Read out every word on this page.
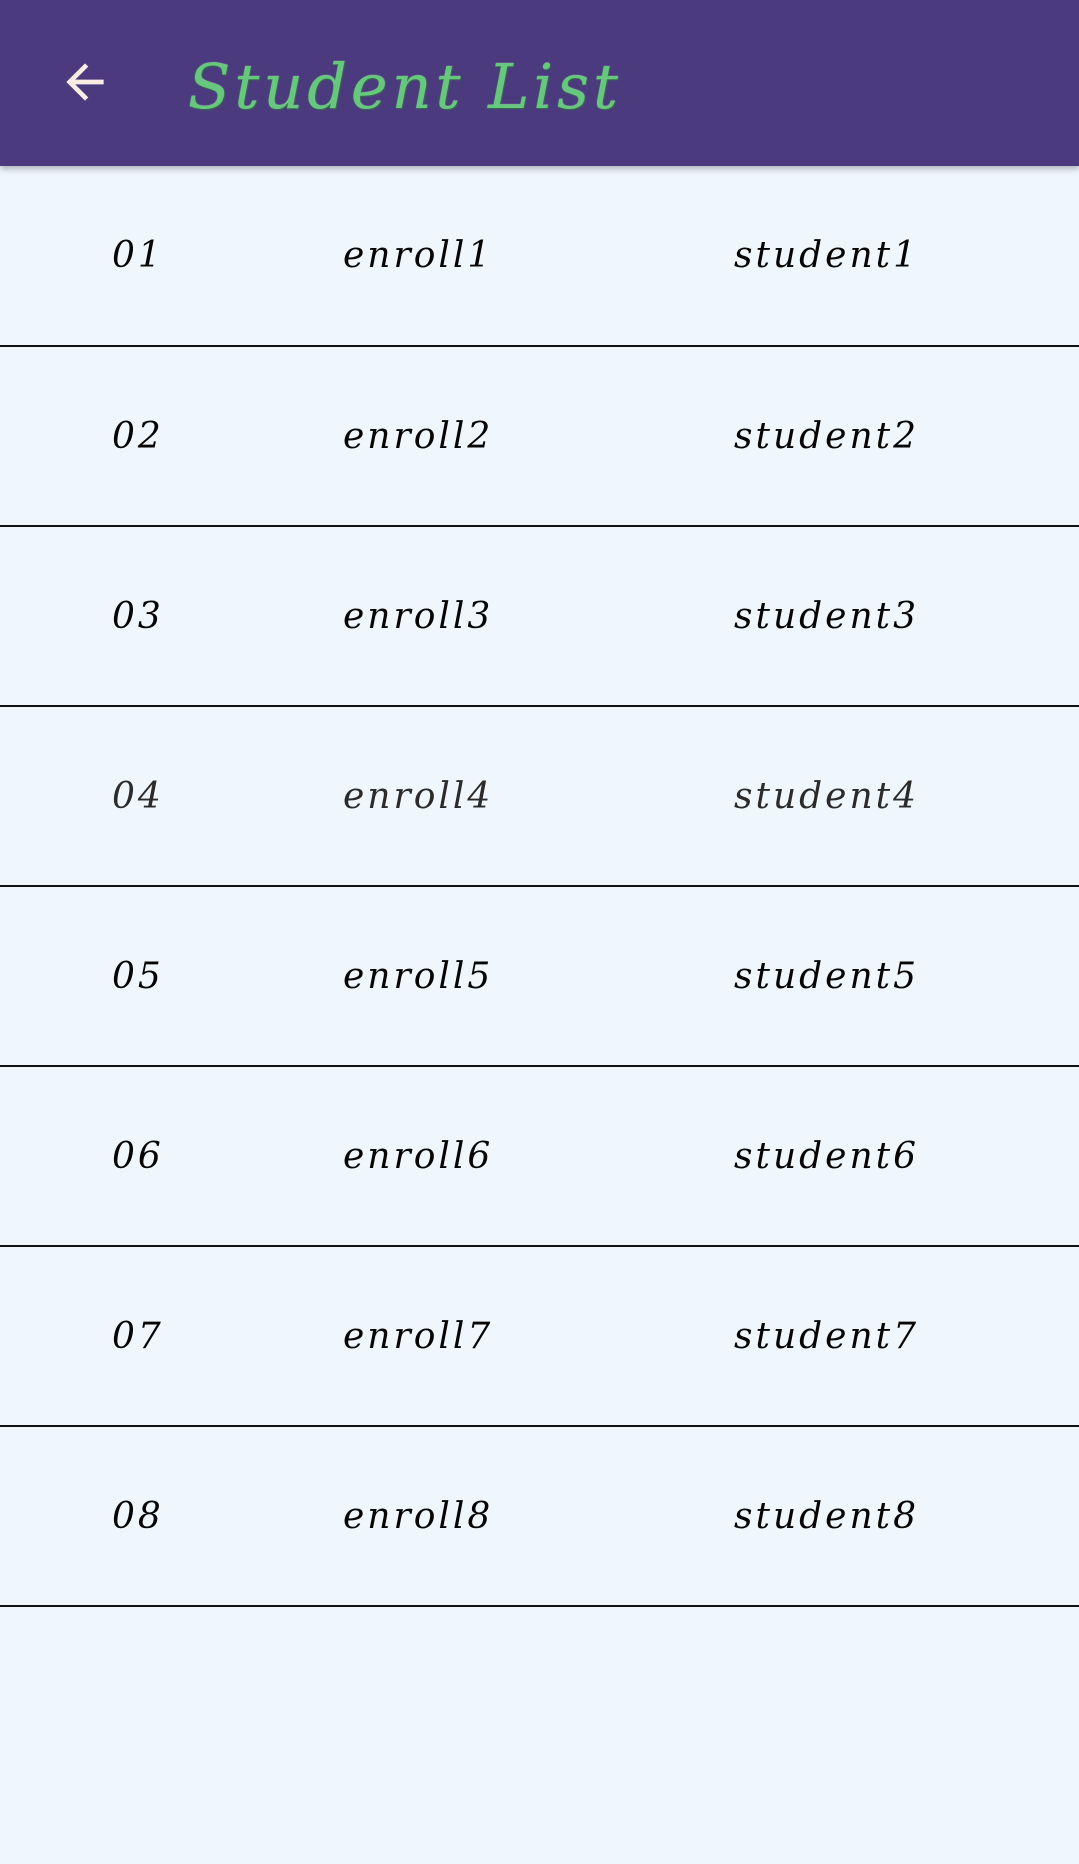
Student List
01	enroll1	student1
02	enroll2	student2
03	enroll3	student3
04	enroll4	student4
05	enroll5	student5
06	enroll6	student6
07	enroll7	student7
08	enroll8	student8
